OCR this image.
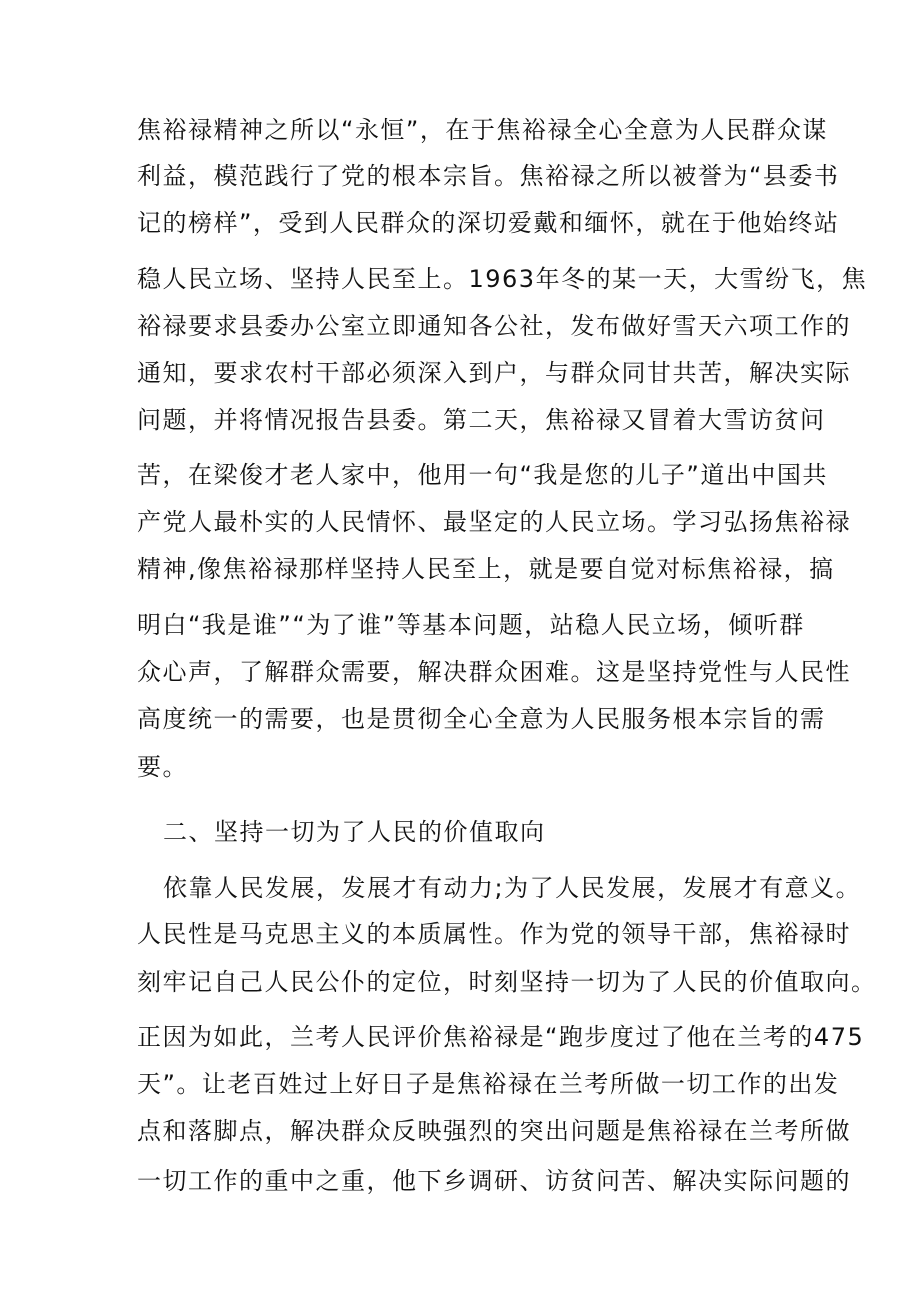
焦裕禄精神之所以“永恒”，在于焦裕禄全心全意为人民群众谋
利益，模范践行了党的根本宗旨。焦裕禄之所以被誉为“县委书
记的榜样”，受到人民群众的深切爱戴和缅怀，就在于他始终站
稳人民立场、坚持人民至上。1963年冬的某一天，大雪纷飞，焦
裕禄要求县委办公室立即通知各公社，发布做好雪天六项工作的
通知，要求农村干部必须深入到户，与群众同甘共苦，解决实际
问题，并将情况报告县委。第二天，焦裕禄又冒着大雪访贫问
苦，在梁俊才老人家中，他用一句“我是您的儿子”道出中国共
产党人最朴实的人民情怀、最坚定的人民立场。学习弘扬焦裕禄
精神,像焦裕禄那样坚持人民至上，就是要自觉对标焦裕禄，搞
明白“我是谁”“为了谁”等基本问题，站稳人民立场，倾听群
众心声，了解群众需要，解决群众困难。这是坚持党性与人民性
高度统一的需要，也是贯彻全心全意为人民服务根本宗旨的需
要。
二、坚持一切为了人民的价值取向
依靠人民发展，发展才有动力;为了人民发展，发展才有意义。
人民性是马克思主义的本质属性。作为党的领导干部，焦裕禄时
刻牢记自己人民公仆的定位，时刻坚持一切为了人民的价值取向。
正因为如此，兰考人民评价焦裕禄是“跑步度过了他在兰考的475
天”。让老百姓过上好日子是焦裕禄在兰考所做一切工作的出发
点和落脚点，解决群众反映强烈的突出问题是焦裕禄在兰考所做
一切工作的重中之重，他下乡调研、访贫问苦、解决实际问题的
